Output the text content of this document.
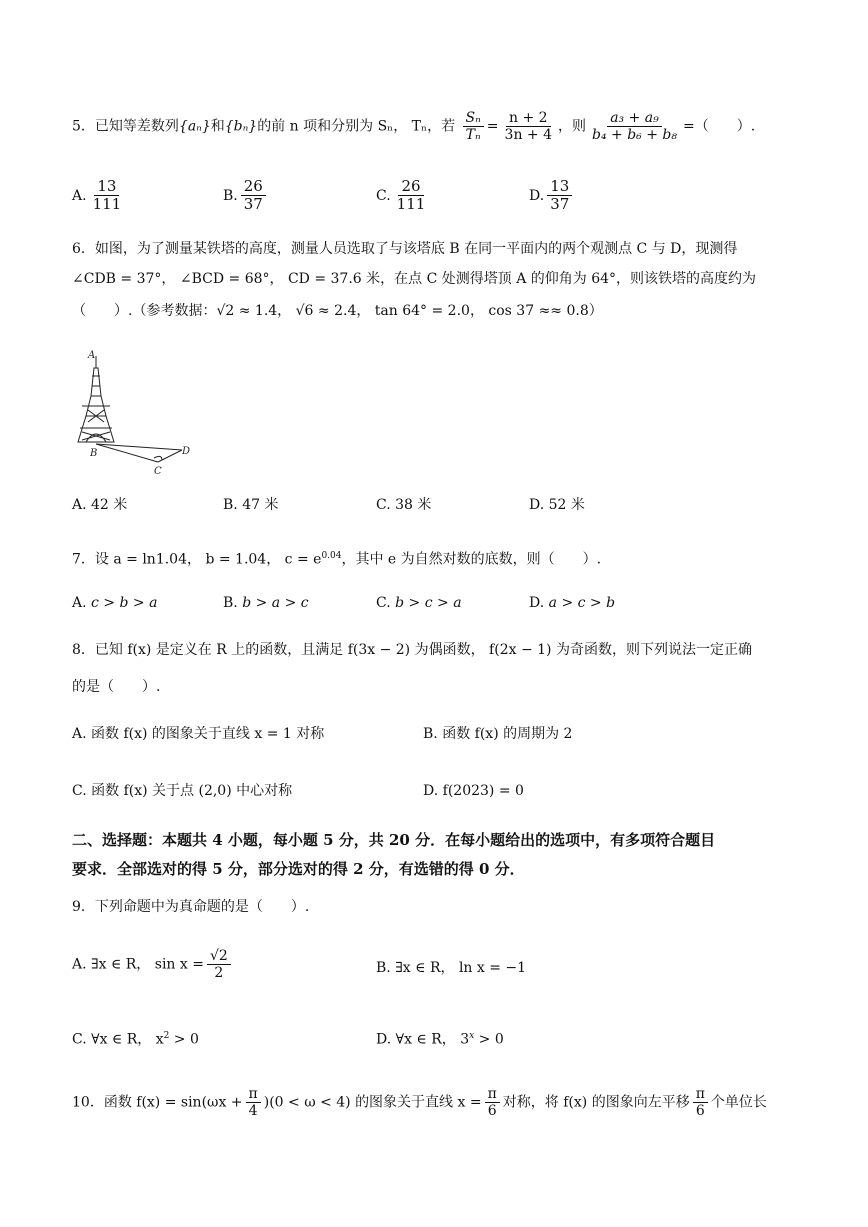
5．已知等差数列{aₙ}和{bₙ}的前 n 项和分别为 Sₙ， Tₙ，若 $\frac{\text{Sₙ}}{\text{Tₙ}} = \frac{n + 2}{3n + 4}$ ，则 $\frac{\text{a₃ + a₉}}{\text{b₄ + b₆ + b₈}}$ =（　　）.
A. $\frac{13}{111}$	B. $\frac{26}{37}$	C. $\frac{26}{111}$	D. $\frac{13}{37}$
6．如图，为了测量某铁塔的高度，测量人员选取了与该塔底 B 在同一平面内的两个观测点 C 与 D，现测得
∠CDB = 37°， ∠BCD = 68°， CD = 37.6 米，在点 C 处测得塔顶 A 的仰角为 64°，则该铁塔的高度约为
（　　）.（参考数据：√2 ≈ 1.4， √6 ≈ 2.4， tan 64° = 2.0， cos 37 ≈≈ 0.8）
A
B
C
D
A. 42 米	B. 47 米	C. 38 米	D. 52 米
7．设 a = ln1.04， b = 1.04， $c = e^{0.04}$，其中 e 为自然对数的底数，则（　　）.
A. c > b > a	B. b > a > c	C. b > c > a	D. a > c > b
8．已知 f(x) 是定义在 R 上的函数，且满足 f(3x − 2) 为偶函数， f(2x − 1) 为奇函数，则下列说法一定正确
的是（　　）.
A. 函数 f(x) 的图象关于直线 x = 1 对称	B. 函数 f(x) 的周期为 2
C. 函数 f(x) 关于点 (2,0) 中心对称	D. f(2023) = 0
二、选择题：本题共 4 小题，每小题 5 分，共 20 分．在每小题给出的选项中，有多项符合题目
要求．全部选对的得 5 分，部分选对的得 2 分，有选错的得 0 分．
9．下列命题中为真命题的是（　　）.
A. ∃x ∈ R， $\sin x = \frac{√2}{2}$	B. ∃x ∈ R， ln x = −1
C. ∀x ∈ R， $x^2 > 0$	D. ∀x ∈ R， $3^x > 0$
10．函数 $f(x) = \sin(\omega x + \frac{\pi}{4} )(0 < \omega < 4)$ 的图象关于直线 $x = \frac{\pi}{6}$ 对称，将 f(x) 的图象向左平移 $\frac{\pi}{6}$ 个单位长
